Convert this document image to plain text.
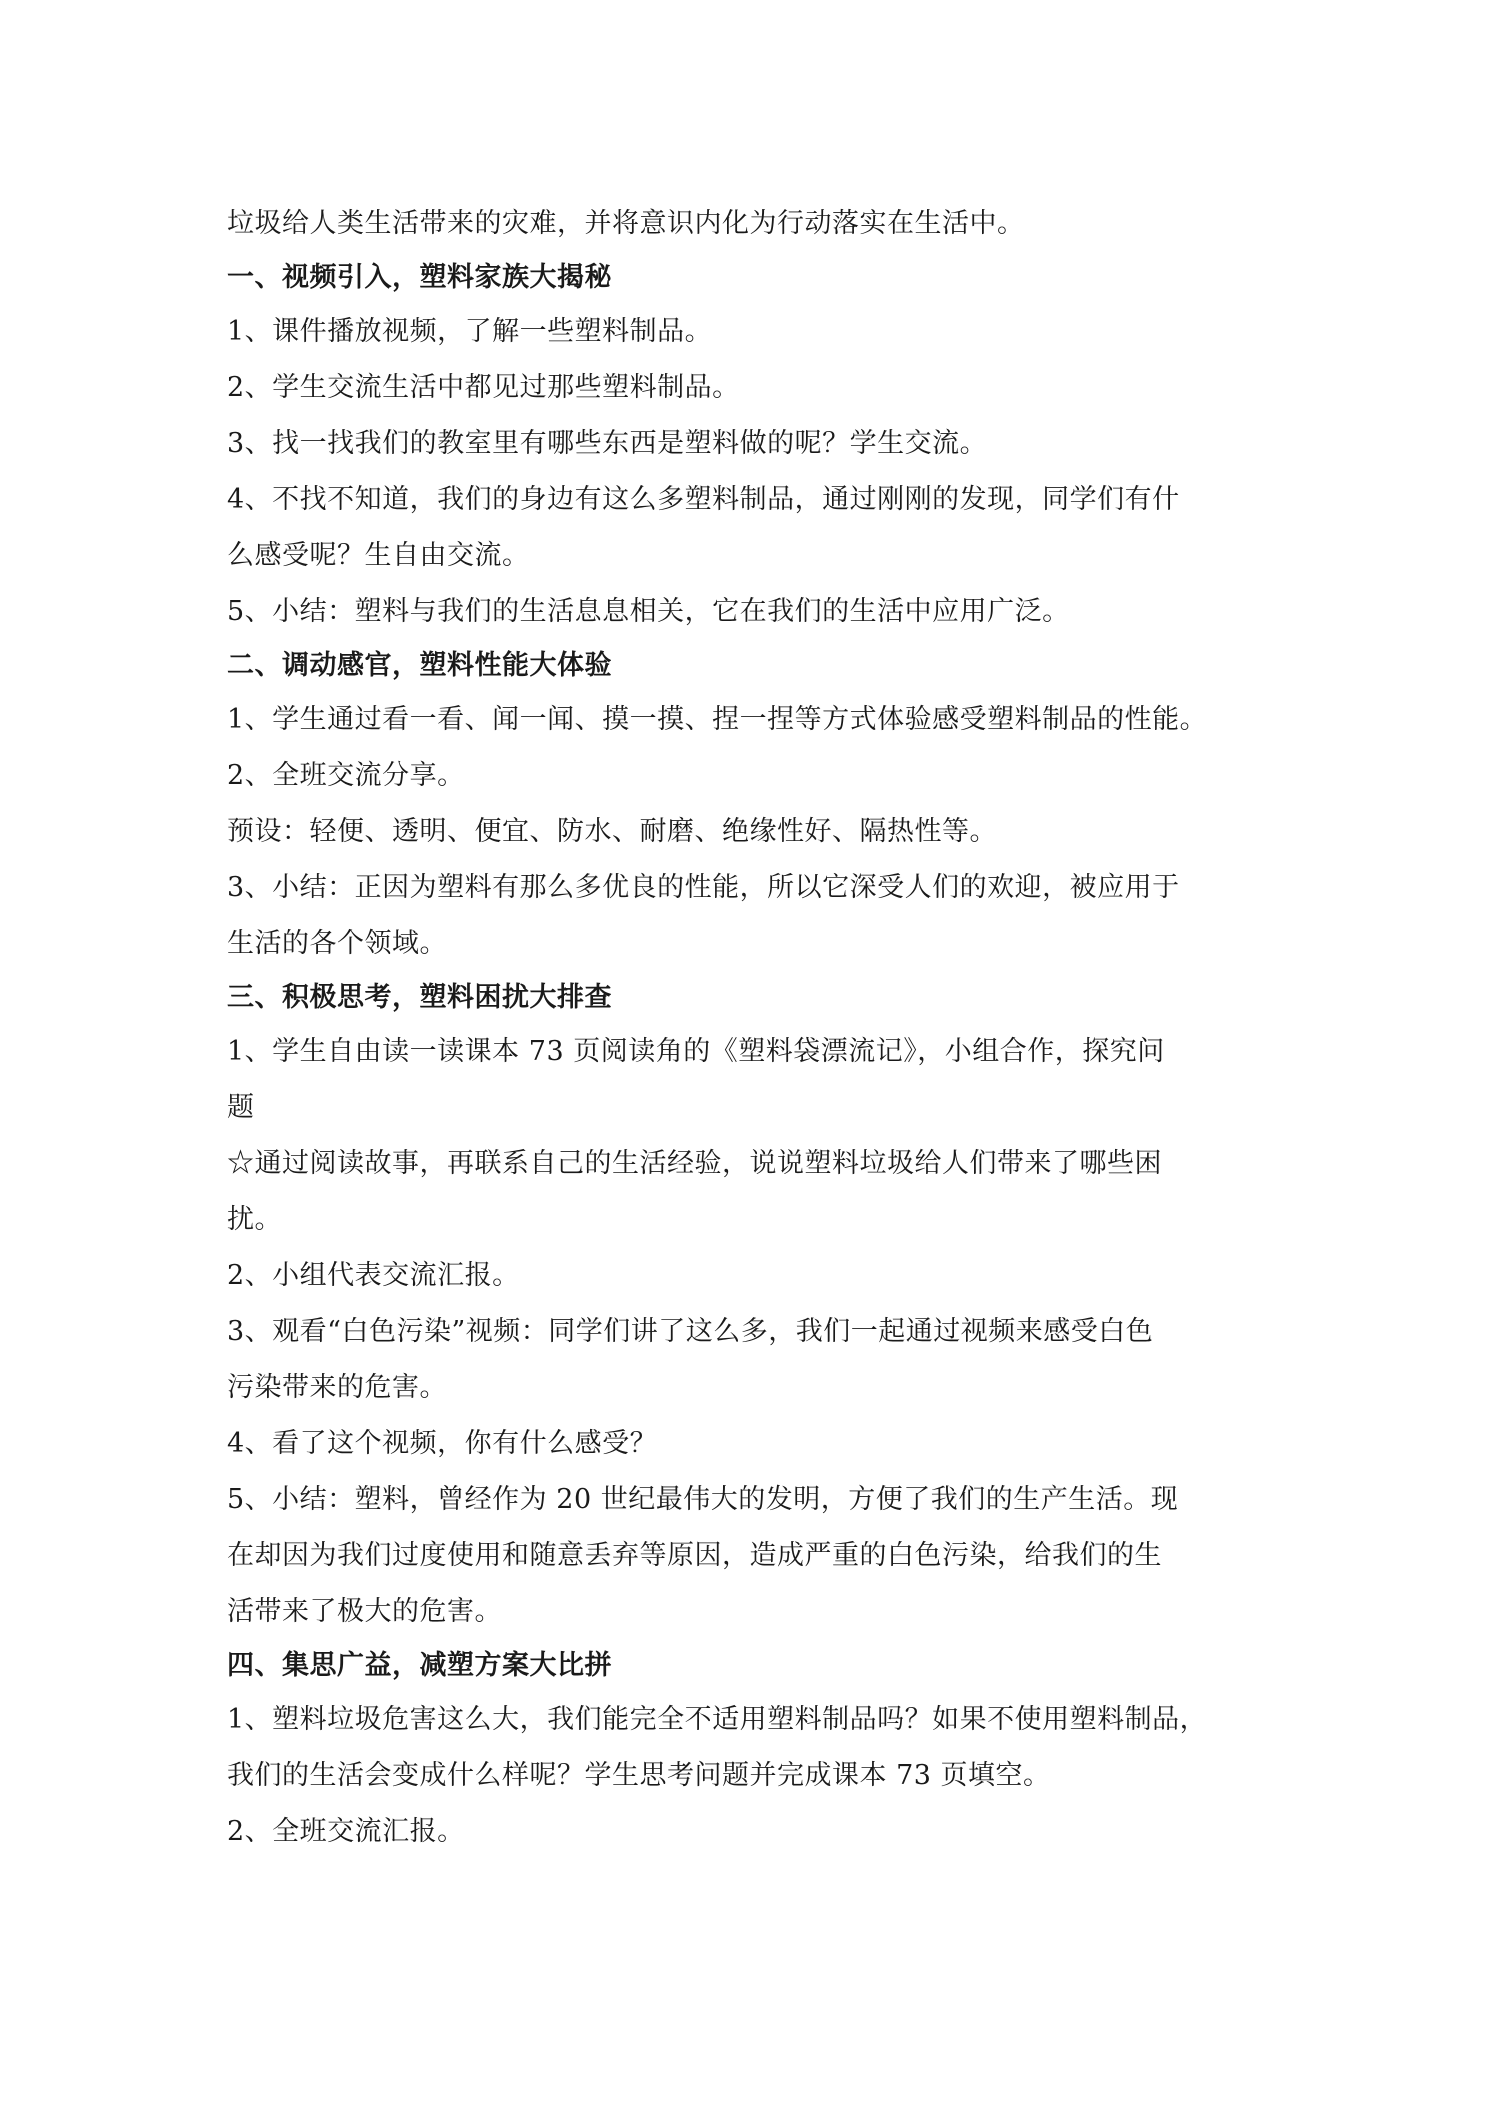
垃圾给人类生活带来的灾难，并将意识内化为行动落实在生活中。
一、视频引入，塑料家族大揭秘
1、课件播放视频，了解一些塑料制品。
2、学生交流生活中都见过那些塑料制品。
3、找一找我们的教室里有哪些东西是塑料做的呢？学生交流。
4、不找不知道，我们的身边有这么多塑料制品，通过刚刚的发现，同学们有什
么感受呢？生自由交流。
5、小结：塑料与我们的生活息息相关，它在我们的生活中应用广泛。
二、调动感官，塑料性能大体验
1、学生通过看一看、闻一闻、摸一摸、捏一捏等方式体验感受塑料制品的性能。
2、全班交流分享。
预设：轻便、透明、便宜、防水、耐磨、绝缘性好、隔热性等。
3、小结：正因为塑料有那么多优良的性能，所以它深受人们的欢迎，被应用于
生活的各个领域。
三、积极思考，塑料困扰大排查
1、学生自由读一读课本 73 页阅读角的《塑料袋漂流记》，小组合作，探究问
题
☆通过阅读故事，再联系自己的生活经验，说说塑料垃圾给人们带来了哪些困
扰。
2、小组代表交流汇报。
3、观看“白色污染”视频：同学们讲了这么多，我们一起通过视频来感受白色
污染带来的危害。
4、看了这个视频，你有什么感受？
5、小结：塑料，曾经作为 20 世纪最伟大的发明，方便了我们的生产生活。现
在却因为我们过度使用和随意丢弃等原因，造成严重的白色污染，给我们的生
活带来了极大的危害。
四、集思广益，减塑方案大比拼
1、塑料垃圾危害这么大，我们能完全不适用塑料制品吗？如果不使用塑料制品，
我们的生活会变成什么样呢？学生思考问题并完成课本 73 页填空。
2、全班交流汇报。
